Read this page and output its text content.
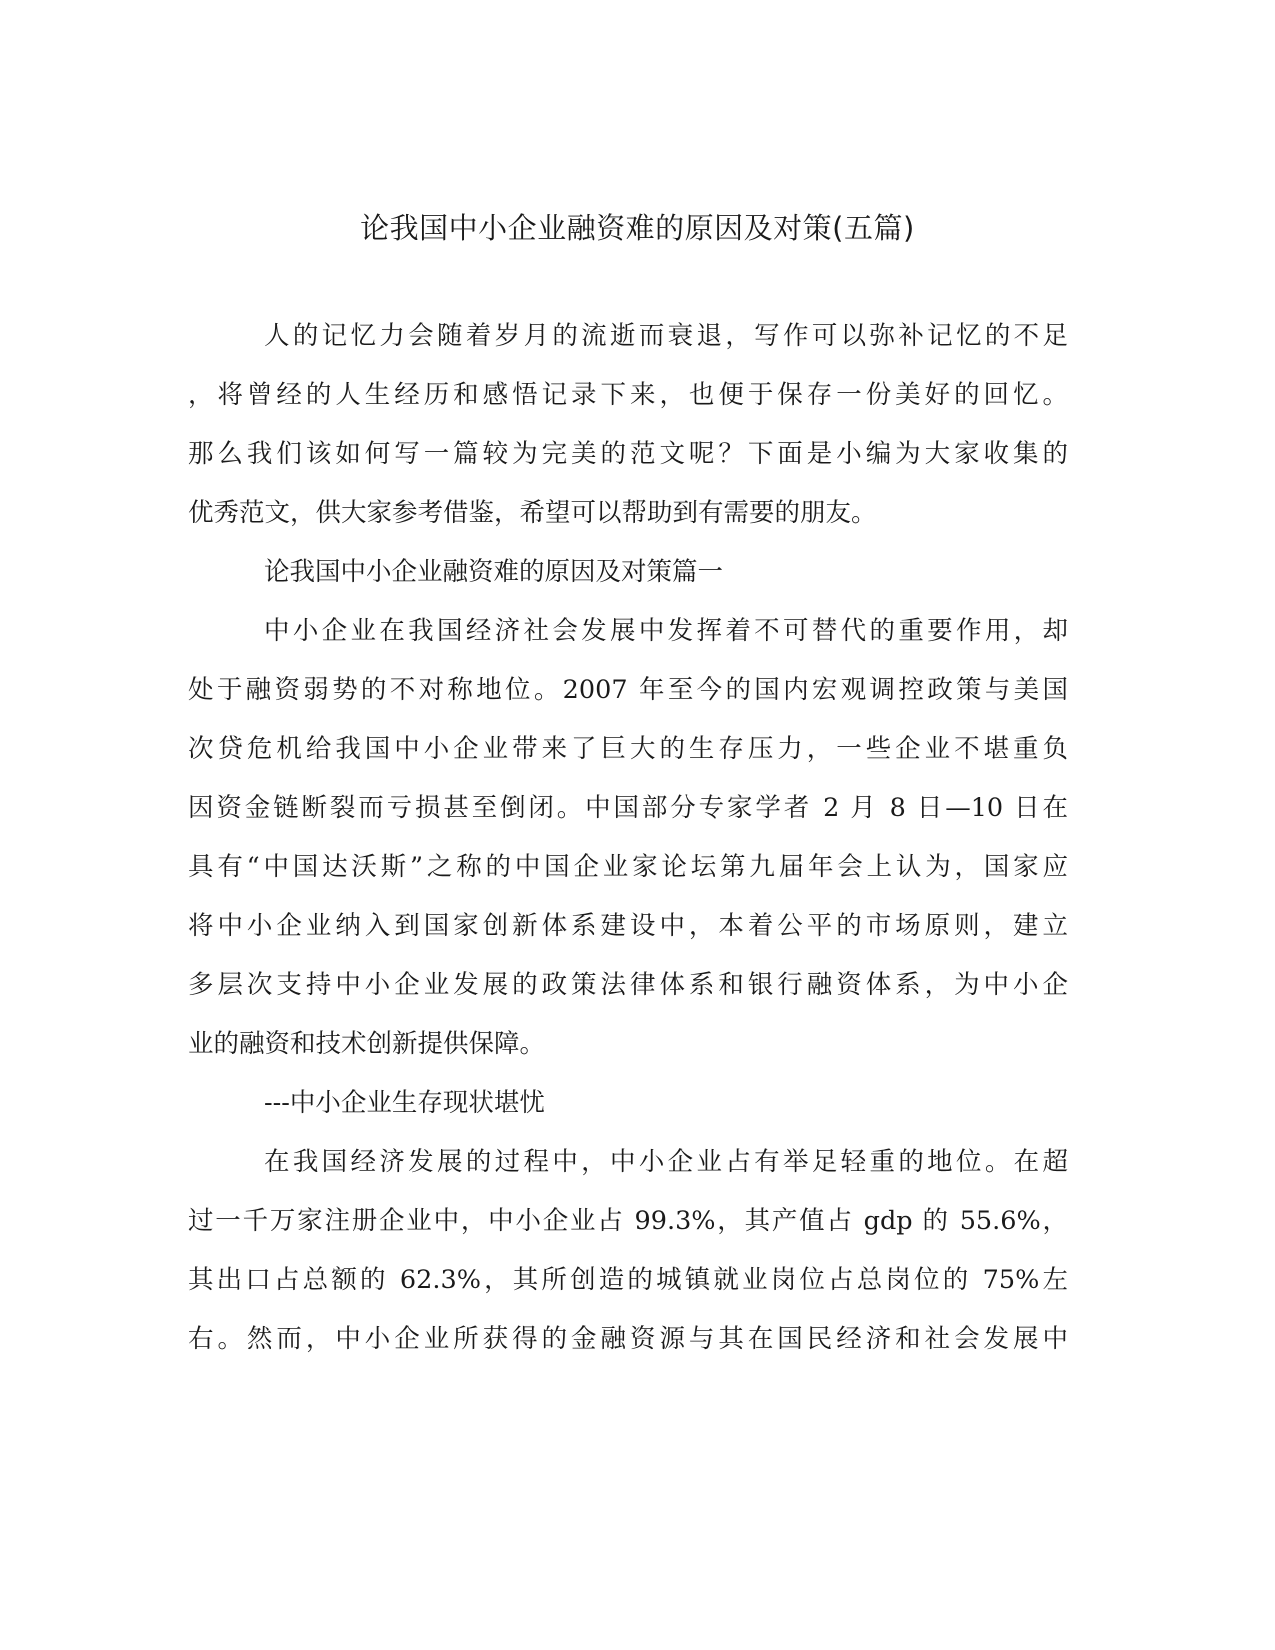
论我国中小企业融资难的原因及对策(五篇)

人的记忆力会随着岁月的流逝而衰退，写作可以弥补记忆的不足

，将曾经的人生经历和感悟记录下来，也便于保存一份美好的回忆。

那么我们该如何写一篇较为完美的范文呢？下面是小编为大家收集的

优秀范文，供大家参考借鉴，希望可以帮助到有需要的朋友。

论我国中小企业融资难的原因及对策篇一

中小企业在我国经济社会发展中发挥着不可替代的重要作用，却

处于融资弱势的不对称地位。2007 年至今的国内宏观调控政策与美国

次贷危机给我国中小企业带来了巨大的生存压力，一些企业不堪重负

因资金链断裂而亏损甚至倒闭。中国部分专家学者 2 月 8 日—10 日在

具有“中国达沃斯”之称的中国企业家论坛第九届年会上认为，国家应

将中小企业纳入到国家创新体系建设中，本着公平的市场原则，建立

多层次支持中小企业发展的政策法律体系和银行融资体系，为中小企

业的融资和技术创新提供保障。

---中小企业生存现状堪忧

在我国经济发展的过程中，中小企业占有举足轻重的地位。在超

过一千万家注册企业中，中小企业占 99.3%，其产值占 gdp 的 55.6%，

其出口占总额的 62.3%，其所创造的城镇就业岗位占总岗位的 75%左

右。然而，中小企业所获得的金融资源与其在国民经济和社会发展中
